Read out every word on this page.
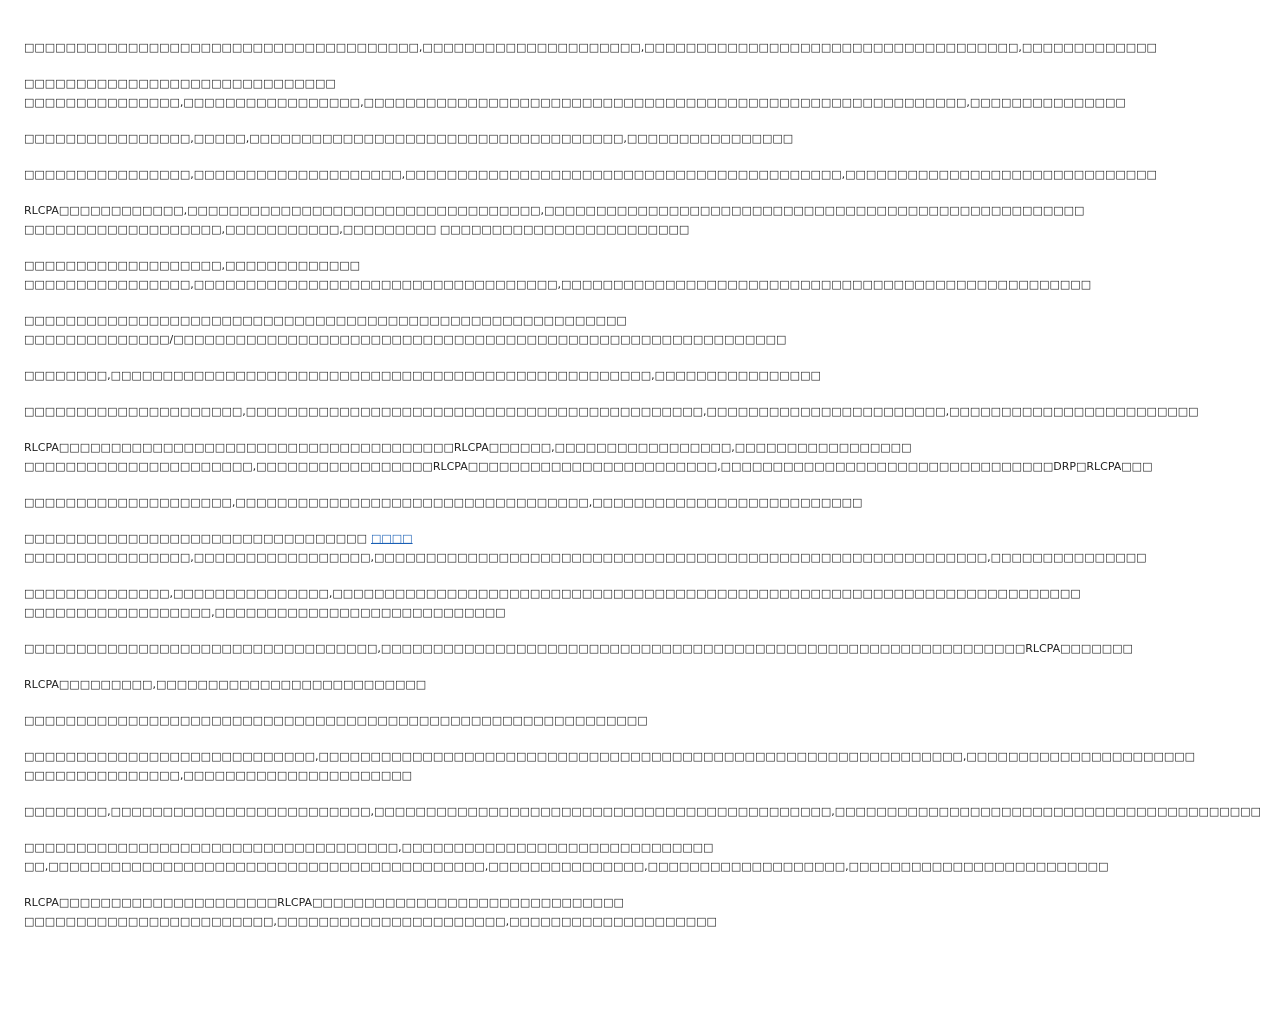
□□□□□□□□□□□□□□□□□□□□□□□□□□□□□□□□□□□□□□,□□□□□□□□□□□□□□□□□□□□□,□□□□□□□□□□□□□□□□□□□□□□□□□□□□□□□□□□□□,□□□□□□□□□□□□□

□□□□□□□□□□□□□□□□□□□□□□□□□□□□□□
□□□□□□□□□□□□□□□,□□□□□□□□□□□□□□□□□,□□□□□□□□□□□□□□□□□□□□□□□□□□□□□□□□□□□□□□□□□□□□□□□□□□□□□□□□□□,□□□□□□□□□□□□□□□

□□□□□□□□□□□□□□□□,□□□□□,□□□□□□□□□□□□□□□□□□□□□□□□□□□□□□□□□□□□,□□□□□□□□□□□□□□□□

□□□□□□□□□□□□□□□□,□□□□□□□□□□□□□□□□□□□□,□□□□□□□□□□□□□□□□□□□□□□□□□□□□□□□□□□□□□□□□□□,□□□□□□□□□□□□□□□□□□□□□□□□□□□□□□

RLCPA□□□□□□□□□□□□,□□□□□□□□□□□□□□□□□□□□□□□□□□□□□□□□□□,□□□□□□□□□□□□□□□□□□□□□□□□□□□□□□□□□□□□□□□□□□□□□□□□□□□□
□□□□□□□□□□□□□□□□□□□,□□□□□□□□□□□,□□□□□□□□□ □□□□□□□□□□□□□□□□□□□□□□□□

□□□□□□□□□□□□□□□□□□□,□□□□□□□□□□□□□
□□□□□□□□□□□□□□□□,□□□□□□□□□□□□□□□□□□□□□□□□□□□□□□□□□□□,□□□□□□□□□□□□□□□□□□□□□□□□□□□□□□□□□□□□□□□□□□□□□□□□□□□

□□□□□□□□□□□□□□□□□□□□□□□□□□□□□□□□□□□□□□□□□□□□□□□□□□□□□□□□□□
□□□□□□□□□□□□□□/□□□□□□□□□□□□□□□□□□□□□□□□□□□□□□□□□□□□□□□□□□□□□□□□□□□□□□□□□□□

□□□□□□□□,□□□□□□□□□□□□□□□□□□□□□□□□□□□□□□□□□□□□□□□□□□□□□□□□□□□□,□□□□□□□□□□□□□□□□

□□□□□□□□□□□□□□□□□□□□□,□□□□□□□□□□□□□□□□□□□□□□□□□□□□□□□□□□□□□□□□□□□□,□□□□□□□□□□□□□□□□□□□□□□□,□□□□□□□□□□□□□□□□□□□□□□□□

RLCPA□□□□□□□□□□□□□□□□□□□□□□□□□□□□□□□□□□□□□□RLCPA□□□□□□,□□□□□□□□□□□□□□□□□,□□□□□□□□□□□□□□□□□
□□□□□□□□□□□□□□□□□□□□□□,□□□□□□□□□□□□□□□□□RLCPA□□□□□□□□□□□□□□□□□□□□□□□□,□□□□□□□□□□□□□□□□□□□□□□□□□□□□□□□□DRP□RLCPA□□□

□□□□□□□□□□□□□□□□□□□□,□□□□□□□□□□□□□□□□□□□□□□□□□□□□□□□□□□,□□□□□□□□□□□□□□□□□□□□□□□□□□

□□□□□□□□□□□□□□□□□□□□□□□□□□□□□□□□□ □□□□
□□□□□□□□□□□□□□□□,□□□□□□□□□□□□□□□□□,□□□□□□□□□□□□□□□□□□□□□□□□□□□□□□□□□□□□□□□□□□□□□□□□□□□□□□□□□□□,□□□□□□□□□□□□□□□

□□□□□□□□□□□□□□,□□□□□□□□□□□□□□□,□□□□□□□□□□□□□□□□□□□□□□□□□□□□□□□□□□□□□□□□□□□□□□□□□□□□□□□□□□□□□□□□□□□□□□□□
□□□□□□□□□□□□□□□□□□,□□□□□□□□□□□□□□□□□□□□□□□□□□□□

□□□□□□□□□□□□□□□□□□□□□□□□□□□□□□□□□□,□□□□□□□□□□□□□□□□□□□□□□□□□□□□□□□□□□□□□□□□□□□□□□□□□□□□□□□□□□□□□□RLCPA□□□□□□□

RLCPA□□□□□□□□□,□□□□□□□□□□□□□□□□□□□□□□□□□□

□□□□□□□□□□□□□□□□□□□□□□□□□□□□□□□□□□□□□□□□□□□□□□□□□□□□□□□□□□□□

□□□□□□□□□□□□□□□□□□□□□□□□□□□□,□□□□□□□□□□□□□□□□□□□□□□□□□□□□□□□□□□□□□□□□□□□□□□□□□□□□□□□□□□□□□□,□□□□□□□□□□□□□□□□□□□□□□
□□□□□□□□□□□□□□□,□□□□□□□□□□□□□□□□□□□□□□

□□□□□□□□,□□□□□□□□□□□□□□□□□□□□□□□□□,□□□□□□□□□□□□□□□□□□□□□□□□□□□□□□□□□□□□□□□□□□□□,□□□□□□□□□□□□□□□□□□□□□□□□□□□□□□□□□□□□□□□□□

□□□□□□□□□□□□□□□□□□□□□□□□□□□□□□□□□□□□,□□□□□□□□□□□□□□□□□□□□□□□□□□□□□□
□□,□□□□□□□□□□□□□□□□□□□□□□□□□□□□□□□□□□□□□□□□□□,□□□□□□□□□□□□□□□,□□□□□□□□□□□□□□□□□□□,□□□□□□□□□□□□□□□□□□□□□□□□□

RLCPA□□□□□□□□□□□□□□□□□□□□□RLCPA□□□□□□□□□□□□□□□□□□□□□□□□□□□□□□
□□□□□□□□□□□□□□□□□□□□□□□□,□□□□□□□□□□□□□□□□□□□□□□,□□□□□□□□□□□□□□□□□□□□
